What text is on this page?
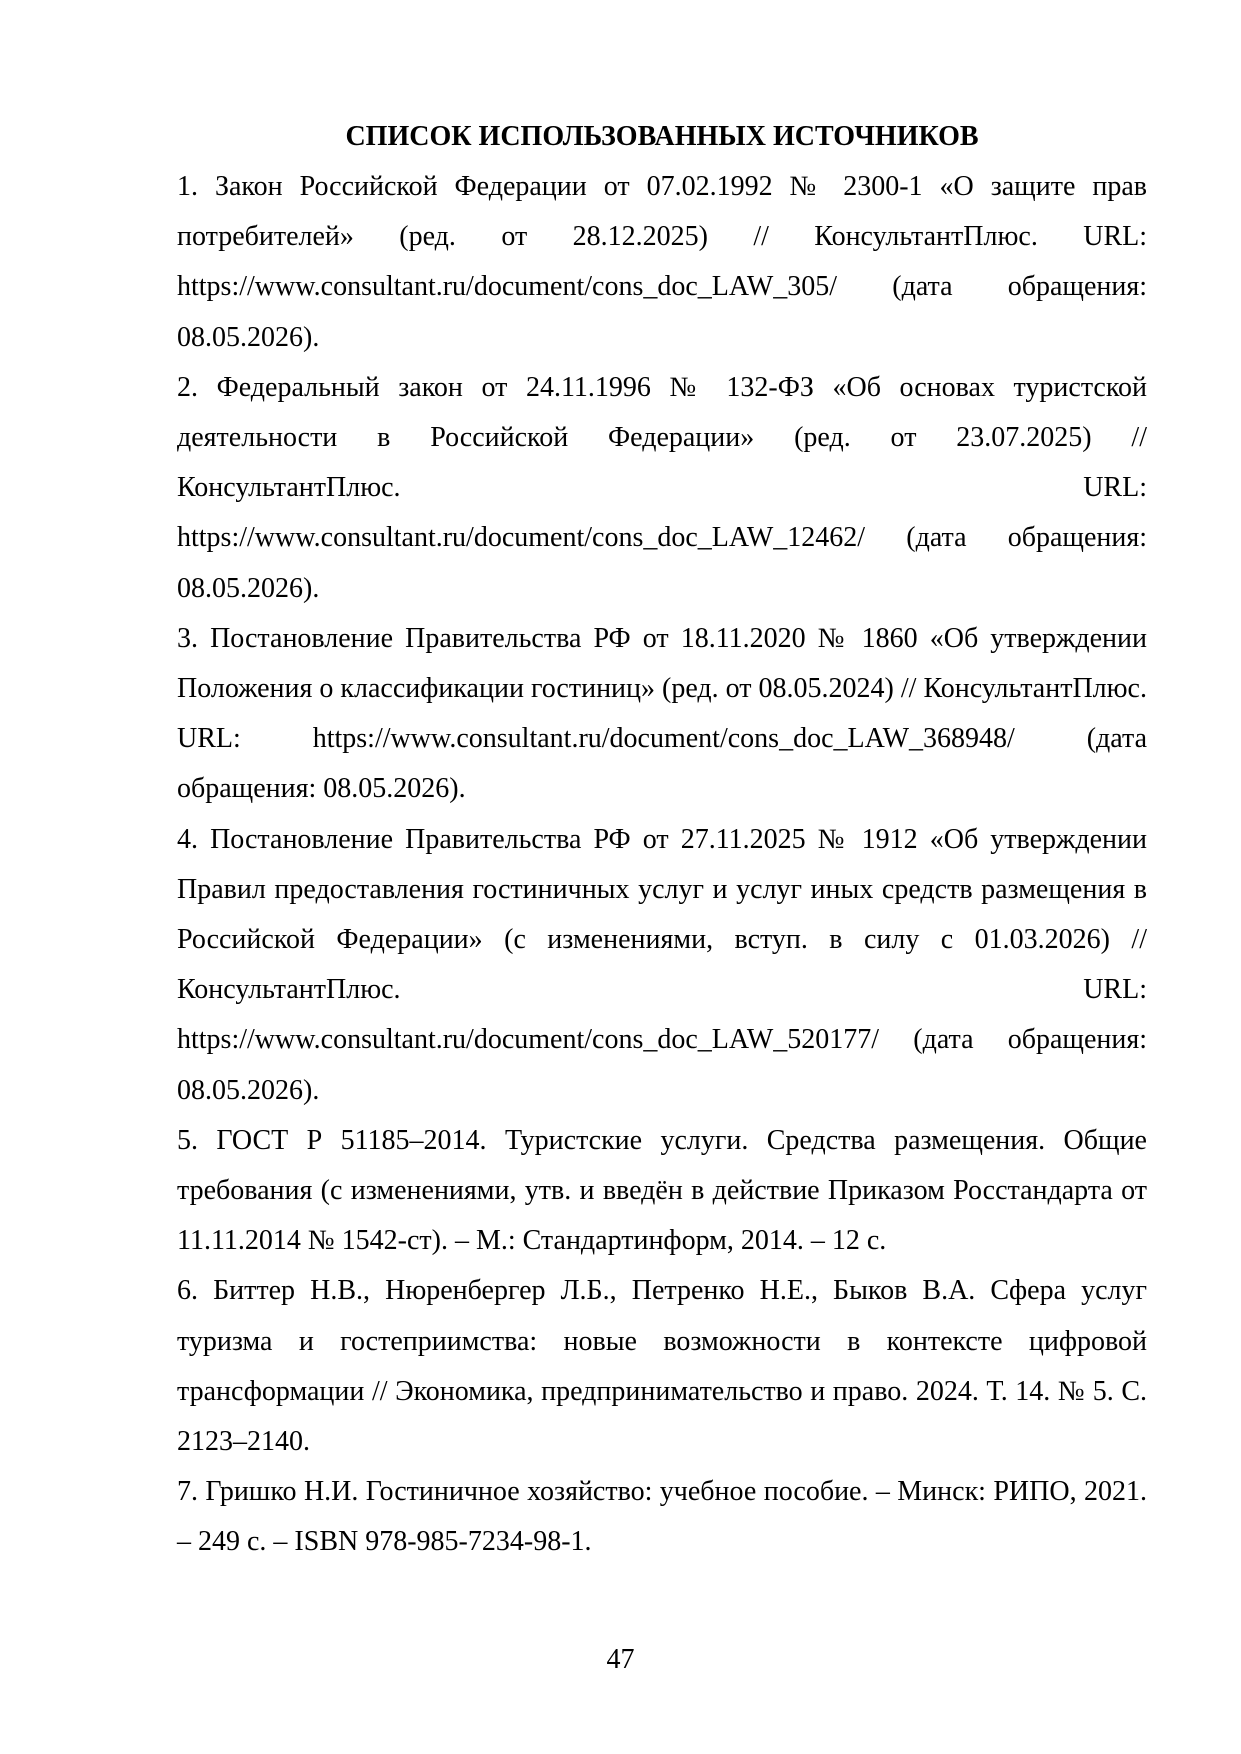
СПИСОК ИСПОЛЬЗОВАННЫХ ИСТОЧНИКОВ
1. Закон Российской Федерации от 07.02.1992 № 2300-1 «О защите прав потребителей» (ред. от 28.12.2025) // КонсультантПлюс. URL: https://www.consultant.ru/document/cons_doc_LAW_305/ (дата обращения: 08.05.2026).
2. Федеральный закон от 24.11.1996 № 132-ФЗ «Об основах туристской деятельности в Российской Федерации» (ред. от 23.07.2025) // КонсультантПлюс. URL: https://www.consultant.ru/document/cons_doc_LAW_12462/ (дата обращения: 08.05.2026).
3. Постановление Правительства РФ от 18.11.2020 № 1860 «Об утверждении Положения о классификации гостиниц» (ред. от 08.05.2024) // КонсультантПлюс. URL: https://www.consultant.ru/document/cons_doc_LAW_368948/ (дата обращения: 08.05.2026).
4. Постановление Правительства РФ от 27.11.2025 № 1912 «Об утверждении Правил предоставления гостиничных услуг и услуг иных средств размещения в Российской Федерации» (с изменениями, вступ. в силу с 01.03.2026) // КонсультантПлюс. URL: https://www.consultant.ru/document/cons_doc_LAW_520177/ (дата обращения: 08.05.2026).
5. ГОСТ Р 51185–2014. Туристские услуги. Средства размещения. Общие требования (с изменениями, утв. и введён в действие Приказом Росстандарта от 11.11.2014 № 1542-ст). – М.: Стандартинформ, 2014. – 12 с.
6. Биттер Н.В., Нюренбергер Л.Б., Петренко Н.Е., Быков В.А. Сфера услуг туризма и гостеприимства: новые возможности в контексте цифровой трансформации // Экономика, предпринимательство и право. 2024. Т. 14. № 5. С. 2123–2140.
7. Гришко Н.И. Гостиничное хозяйство: учебное пособие. – Минск: РИПО, 2021. – 249 с. – ISBN 978-985-7234-98-1.
47
